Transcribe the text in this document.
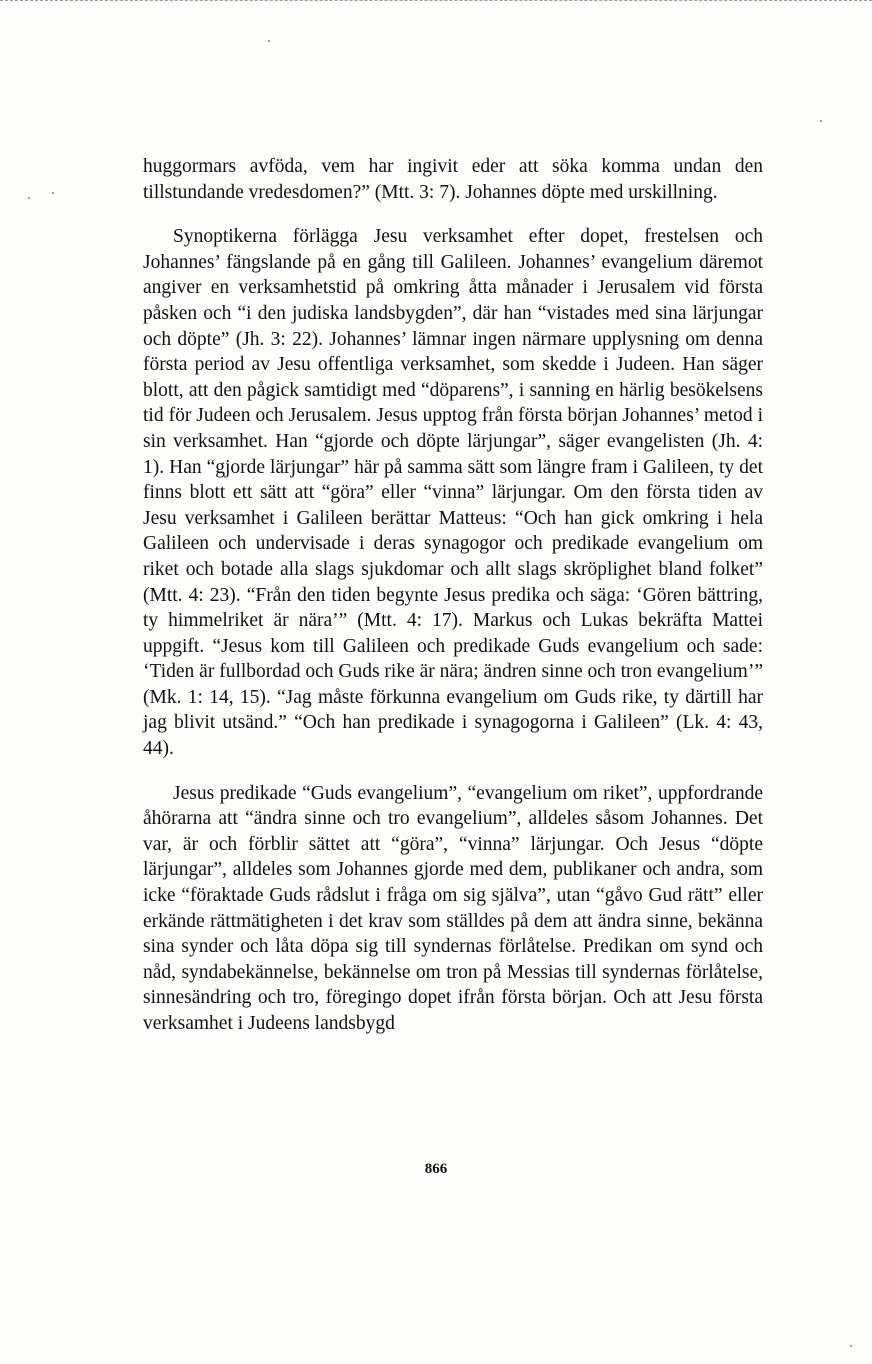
huggormars avföda, vem har ingivit eder att söka komma undan den tillstundande vredesdomen?” (Mtt. 3: 7). Johannes döpte med urskillning.

Synoptikerna förlägga Jesu verksamhet efter dopet, frestelsen och Johannes’ fängslande på en gång till Galileen. Johannes’ evangelium däremot angiver en verksamhetstid på omkring åtta månader i Jerusalem vid första påsken och “i den judiska landsbygden”, där han “vistades med sina lärjungar och döpte” (Jh. 3: 22). Johannes’ lämnar ingen närmare upplysning om denna första period av Jesu offentliga verksamhet, som skedde i Judeen. Han säger blott, att den pågick samtidigt med “döparens”, i sanning en härlig besökelsens tid för Judeen och Jerusalem. Jesus upptog från första början Johannes’ metod i sin verksamhet. Han “gjorde och döpte lärjungar”, säger evangelisten (Jh. 4: 1). Han “gjorde lärjungar” här på samma sätt som längre fram i Galileen, ty det finns blott ett sätt att “göra” eller “vinna” lärjungar. Om den första tiden av Jesu verksamhet i Galileen berättar Matteus: “Och han gick omkring i hela Galileen och undervisade i deras synagogor och predikade evangelium om riket och botade alla slags sjukdomar och allt slags skröplighet bland folket” (Mtt. 4: 23). “Från den tiden begynte Jesus predika och säga: ‘Gören bättring, ty himmelriket är nära’” (Mtt. 4: 17). Markus och Lukas bekräfta Mattei uppgift. “Jesus kom till Galileen och predikade Guds evangelium och sade: ‘Tiden är fullbordad och Guds rike är nära; ändren sinne och tron evangelium’” (Mk. 1: 14, 15). “Jag måste förkunna evangelium om Guds rike, ty därtill har jag blivit utsänd.” “Och han predikade i synagogorna i Galileen” (Lk. 4: 43, 44).

Jesus predikade “Guds evangelium”, “evangelium om riket”, uppfordrande åhörarna att “ändra sinne och tro evangelium”, alldeles såsom Johannes. Det var, är och förblir sättet att “göra”, “vinna” lärjungar. Och Jesus “döpte lärjungar”, alldeles som Johannes gjorde med dem, publikaner och andra, som icke “föraktade Guds rådslut i fråga om sig själva”, utan “gåvo Gud rätt” eller erkände rättmätigheten i det krav som ställdes på dem att ändra sinne, bekänna sina synder och låta döpa sig till syndernas förlåtelse. Predikan om synd och nåd, syndabekännelse, bekännelse om tron på Messias till syndernas förlåtelse, sinnesändring och tro, föregingo dopet ifrån första början. Och att Jesu första verksamhet i Judeens landsbygd

866
